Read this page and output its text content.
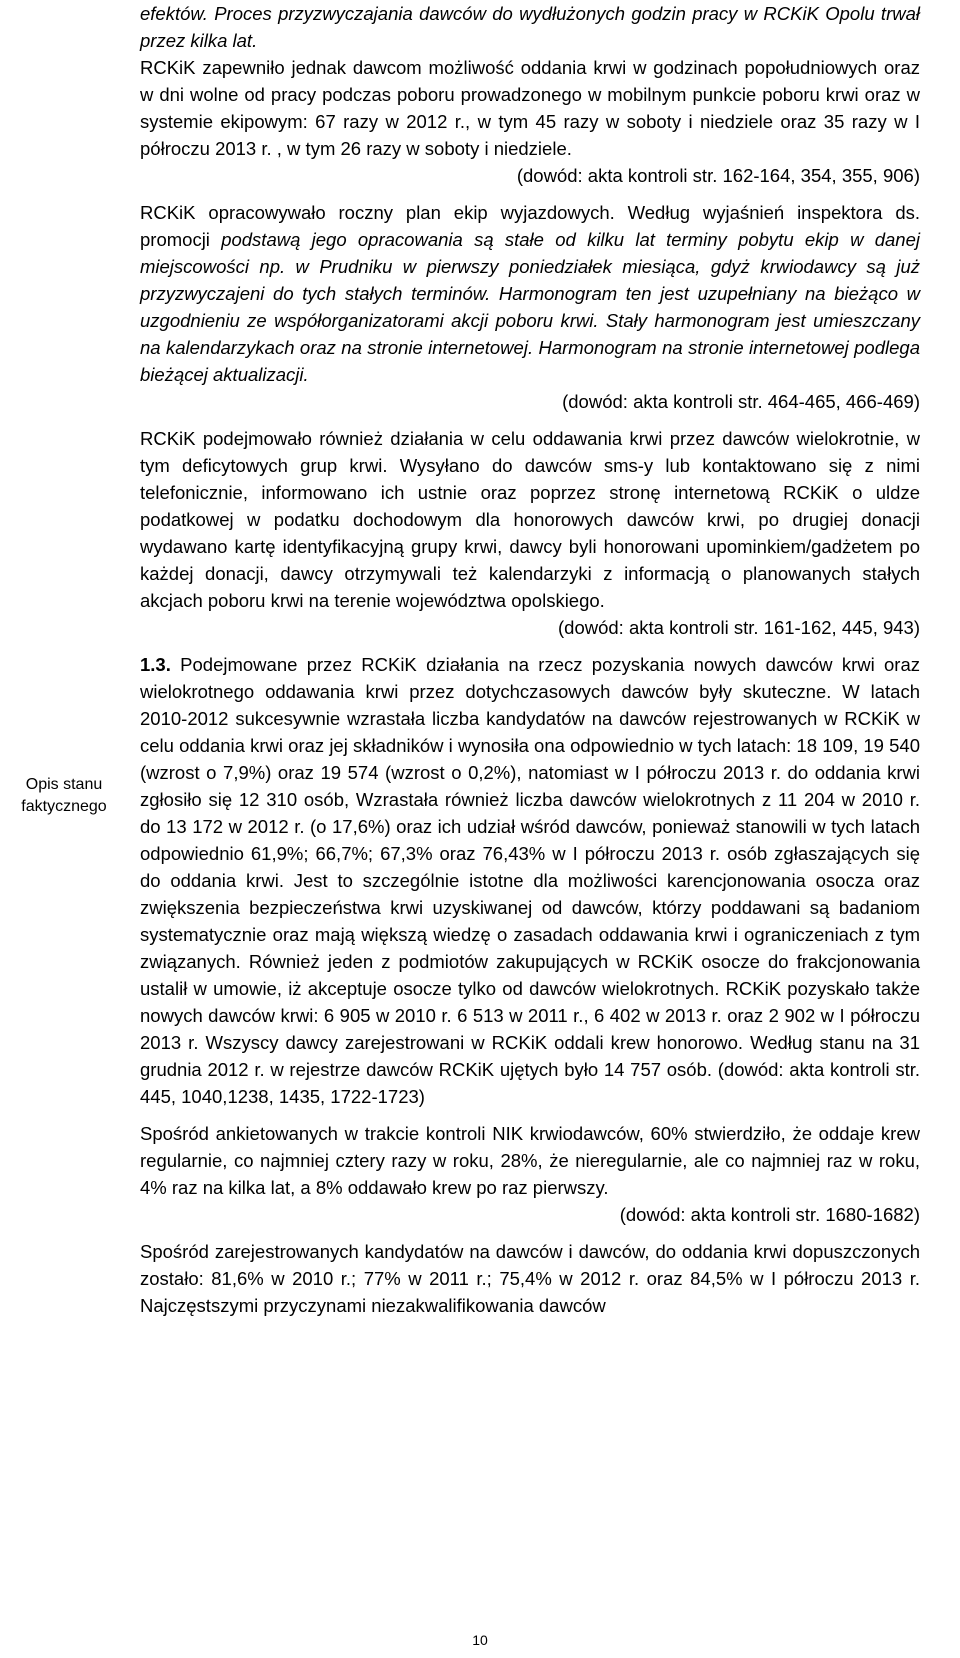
Opis stanu faktycznego

efektów. Proces przyzwyczajania dawców do wydłużonych godzin pracy w RCKiK Opolu trwał przez kilka lat.

RCKiK zapewniło jednak dawcom możliwość oddania krwi w godzinach popołudniowych oraz w dni wolne od pracy podczas poboru prowadzonego w mobilnym punkcie poboru krwi oraz w systemie ekipowym: 67 razy w 2012 r., w tym 45 razy w soboty i niedziele oraz 35 razy w I półroczu 2013 r. , w tym 26 razy w soboty i niedziele.
(dowód: akta kontroli str. 162-164, 354, 355, 906)

RCKiK opracowywało roczny plan ekip wyjazdowych. Według wyjaśnień inspektora ds. promocji podstawą jego opracowania są stałe od kilku lat terminy pobytu ekip w danej miejscowości np. w Prudniku w pierwszy poniedziałek miesiąca, gdyż krwiodawcy są już przyzwyczajeni do tych stałych terminów. Harmonogram ten jest uzupełniany na bieżąco w uzgodnieniu ze współorganizatorami akcji poboru krwi. Stały harmonogram jest umieszczany na kalendarzykach oraz na stronie internetowej. Harmonogram na stronie internetowej podlega bieżącej aktualizacji.
(dowód: akta kontroli str. 464-465, 466-469)

RCKiK podejmowało również działania w celu oddawania krwi przez dawców wielokrotnie, w tym deficytowych grup krwi. Wysyłano do dawców sms-y lub kontaktowano się z nimi telefonicznie, informowano ich ustnie oraz poprzez stronę internetową RCKiK o uldze podatkowej w podatku dochodowym dla honorowych dawców krwi, po drugiej donacji wydawano kartę identyfikacyjną grupy krwi, dawcy byli honorowani upominkiem/gadżetem po każdej donacji, dawcy otrzymywali też kalendarzyki z informacją o planowanych stałych akcjach poboru krwi na terenie województwa opolskiego.
(dowód: akta kontroli str. 161-162, 445, 943)

1.3. Podejmowane przez RCKiK działania na rzecz pozyskania nowych dawców krwi oraz wielokrotnego oddawania krwi przez dotychczasowych dawców były skuteczne. W latach 2010-2012 sukcesywnie wzrastała liczba kandydatów na dawców rejestrowanych w RCKiK w celu oddania krwi oraz jej składników i wynosiła ona odpowiednio w tych latach: 18 109, 19 540 (wzrost o 7,9%) oraz 19 574 (wzrost o 0,2%), natomiast w I półroczu 2013 r. do oddania krwi zgłosiło się 12 310 osób, Wzrastała również liczba dawców wielokrotnych z 11 204 w 2010 r. do 13 172 w 2012 r. (o 17,6%) oraz ich udział wśród dawców, ponieważ stanowili w tych latach odpowiednio 61,9%; 66,7%; 67,3% oraz 76,43% w I półroczu 2013 r. osób zgłaszających się do oddania krwi. Jest to szczególnie istotne dla możliwości karencjonowania osocza oraz zwiększenia bezpieczeństwa krwi uzyskiwanej od dawców, którzy poddawani są badaniom systematycznie oraz mają większą wiedzę o zasadach oddawania krwi i ograniczeniach z tym związanych. Również jeden z podmiotów zakupujących w RCKiK osocze do frakcjonowania ustalił w umowie, iż akceptuje osocze tylko od dawców wielokrotnych. RCKiK pozyskało także nowych dawców krwi: 6 905 w 2010 r. 6 513 w 2011 r., 6 402 w 2013 r. oraz 2 902 w I półroczu 2013 r. Wszyscy dawcy zarejestrowani w RCKiK oddali krew honorowo. Według stanu na 31 grudnia 2012 r. w rejestrze dawców RCKiK ujętych było 14 757 osób. (dowód: akta kontroli str. 445, 1040,1238, 1435, 1722-1723)

Spośród ankietowanych w trakcie kontroli NIK krwiodawców, 60% stwierdziło, że oddaje krew regularnie, co najmniej cztery razy w roku, 28%, że nieregularnie, ale co najmniej raz w roku, 4% raz na kilka lat, a 8% oddawało krew po raz pierwszy.
(dowód: akta kontroli str. 1680-1682)

Spośród zarejestrowanych kandydatów na dawców i dawców, do oddania krwi dopuszczonych zostało: 81,6% w 2010 r.; 77% w 2011 r.; 75,4% w 2012 r. oraz 84,5% w I półroczu 2013 r. Najczęstszymi przyczynami niezakwalifikowania dawców

10
